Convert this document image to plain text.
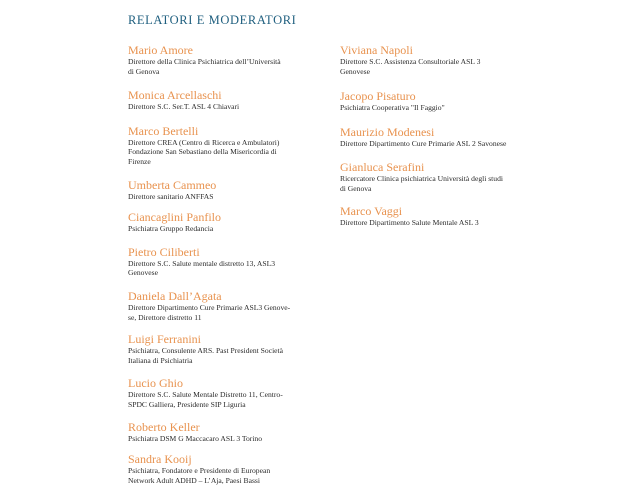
RELATORI E MODERATORI
Mario Amore
Direttore della Clinica Psichiatrica dell’Università
di Genova
Monica Arcellaschi
Direttore S.C. Ser.T. ASL 4 Chiavari
Marco Bertelli
Direttore CREA (Centro di Ricerca e Ambulatori)
Fondazione San Sebastiano della Misericordia di
Firenze
Umberta Cammeo
Direttore sanitario ANFFAS
Ciancaglini Panfilo
Psichiatra Gruppo Redancia
Pietro Ciliberti
Direttore S.C. Salute mentale distretto 13, ASL3
Genovese
Daniela Dall’Agata
Direttore Dipartimento Cure Primarie ASL3 Genove-
se, Direttore distretto 11
Luigi Ferranini
Psichiatra, Consulente ARS. Past President Società
Italiana di Psichiatria
Lucio Ghio
Direttore S.C. Salute Mentale Distretto 11, Centro-
SPDC Galliera, Presidente SIP Liguria
Roberto Keller
Psichiatra DSM G Maccacaro ASL 3 Torino
Sandra Kooij
Psichiatra, Fondatore e Presidente di European
Network Adult ADHD – L’Aja, Paesi Bassi
Viviana Napoli
Direttore S.C. Assistenza Consultoriale ASL 3
Genovese
Jacopo Pisaturo
Psichiatra Cooperativa "Il Faggio"
Maurizio Modenesi
Direttore Dipartimento Cure Primarie ASL 2 Savonese
Gianluca Serafini
Ricercatore Clinica psichiatrica Università degli studi
di Genova
Marco Vaggi
Direttore Dipartimento Salute Mentale ASL 3
